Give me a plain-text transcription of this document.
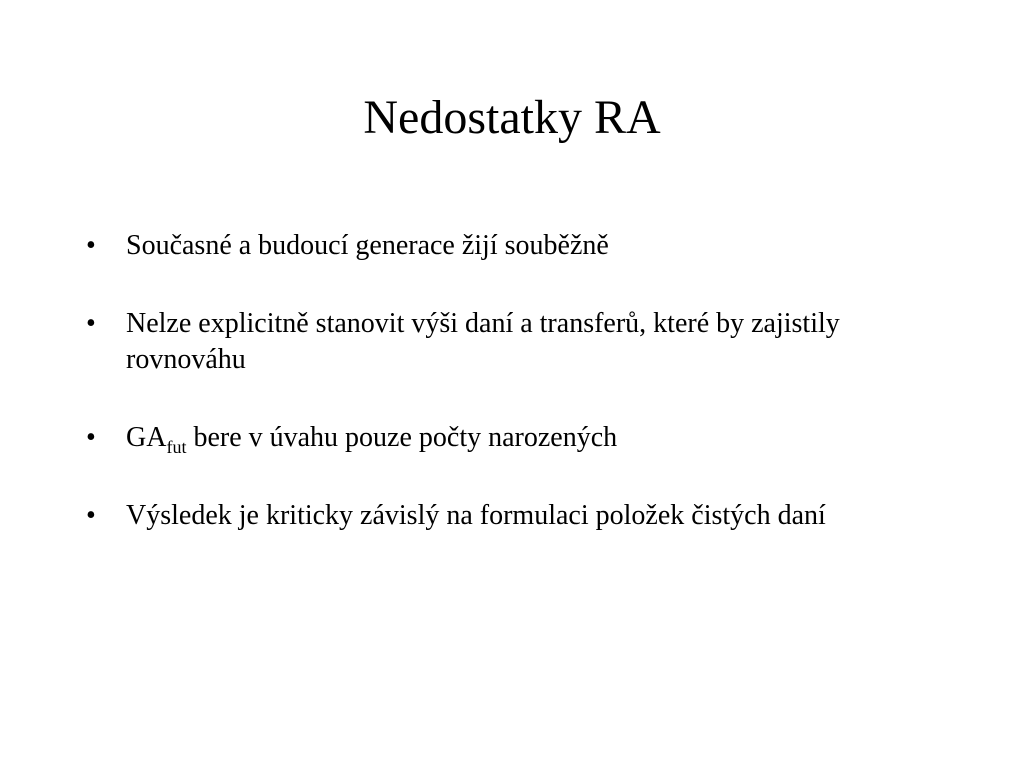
Nedostatky RA
•	Současné a budoucí generace žijí souběžně
•	Nelze explicitně stanovit výši daní a transferů, které by zajistily rovnováhu
•	$GA_{fut}$ bere v úvahu pouze počty narozených
•	Výsledek je kriticky závislý na formulaci položek čistých daní
